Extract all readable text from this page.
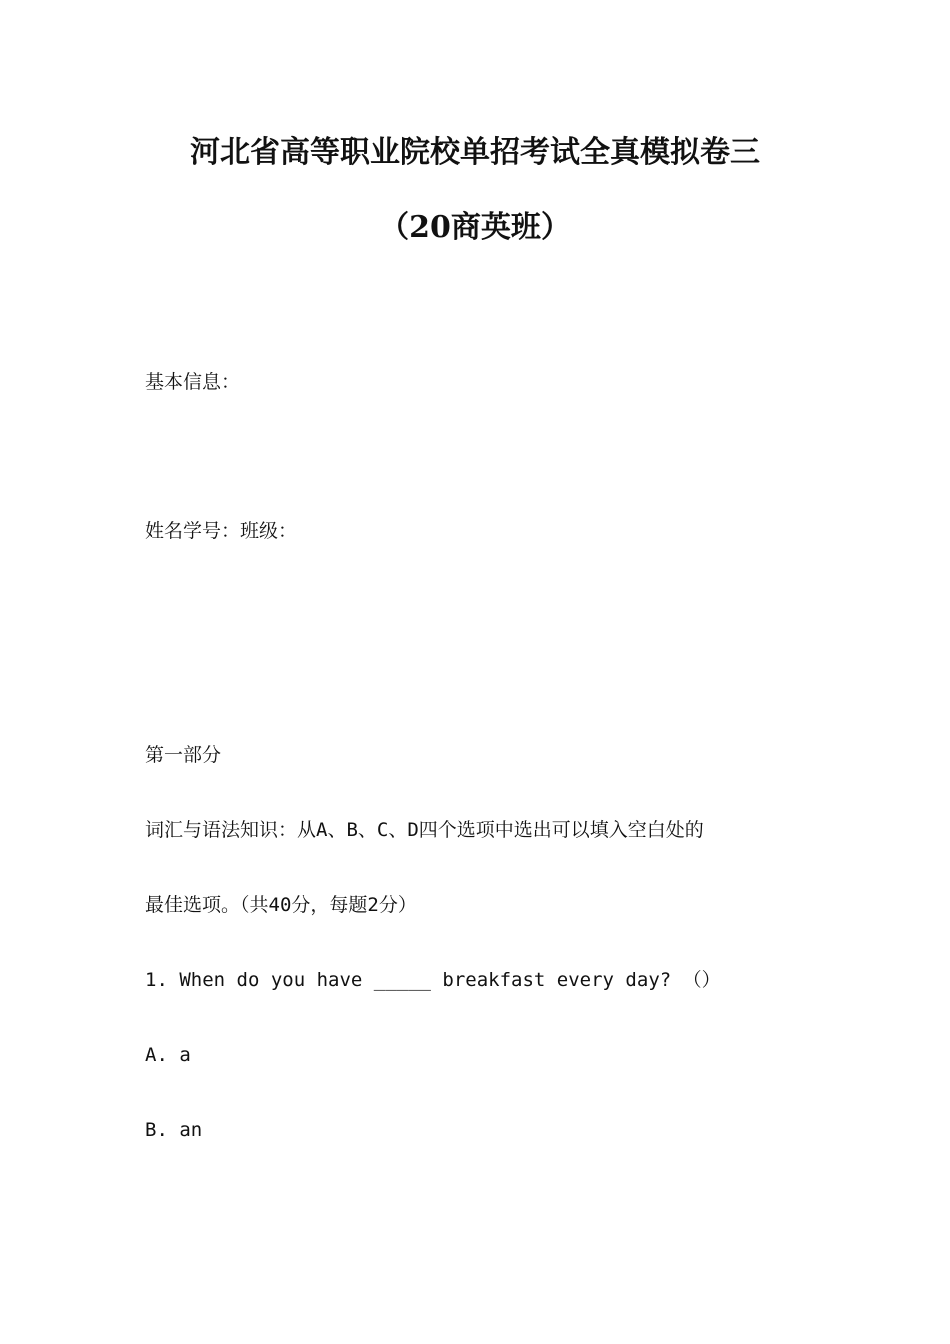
河北省高等职业院校单招考试全真模拟卷三
（20商英班）
基本信息：
姓名学号：班级：
第一部分
词汇与语法知识：从A、B、C、D四个选项中选出可以填入空白处的
最佳选项。（共40分，每题2分）
1. When do you have _____ breakfast every day? （）
A. a
B. an
